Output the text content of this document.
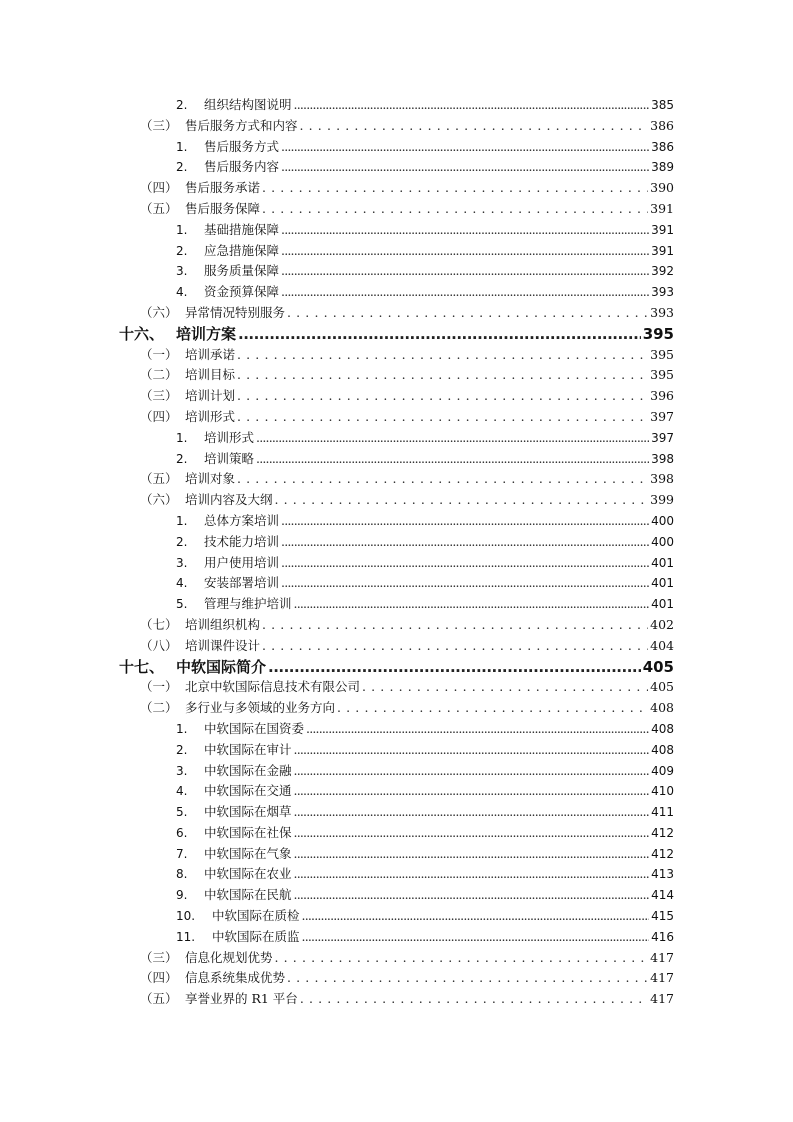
2.	组织结构图说明 .....	385
（三） 售后服务方式和内容 . . .	386
1.	售后服务方式 .....	386
2.	售后服务内容 .....	389
（四） 售后服务承诺 . . .	390
（五） 售后服务保障 . . .	391
1.	基础措施保障 .....	391
2.	应急措施保障 .....	391
3.	服务质量保障 .....	392
4.	资金预算保障 .....	393
（六） 异常情况特别服务 . . .	393
十六、 培训方案 .....	395
（一） 培训承诺 . . .	395
（二） 培训目标 . . .	395
（三） 培训计划 . . .	396
（四） 培训形式 . . .	397
1.	培训形式 .....	397
2.	培训策略 .....	398
（五） 培训对象 . . .	398
（六） 培训内容及大纲 . . .	399
1.	总体方案培训 .....	400
2.	技术能力培训 .....	400
3.	用户使用培训 .....	401
4.	安装部署培训 .....	401
5.	管理与维护培训 .....	401
（七） 培训组织机构 . . .	402
（八） 培训课件设计 . . .	404
十七、 中软国际简介 .....	405
（一） 北京中软国际信息技术有限公司 . . .	405
（二） 多行业与多领域的业务方向 . . .	408
1.	中软国际在国资委 .....	408
2.	中软国际在审计 .....	408
3.	中软国际在金融 .....	409
4.	中软国际在交通 .....	410
5.	中软国际在烟草 .....	411
6.	中软国际在社保 .....	412
7.	中软国际在气象 .....	412
8.	中软国际在农业 .....	413
9.	中软国际在民航 .....	414
10.	中软国际在质检 .....	415
11.	中软国际在质监 .....	416
（三） 信息化规划优势 . . .	417
（四） 信息系统集成优势 . . .	417
（五） 享誉业界的 R1 平台 . . .	417
